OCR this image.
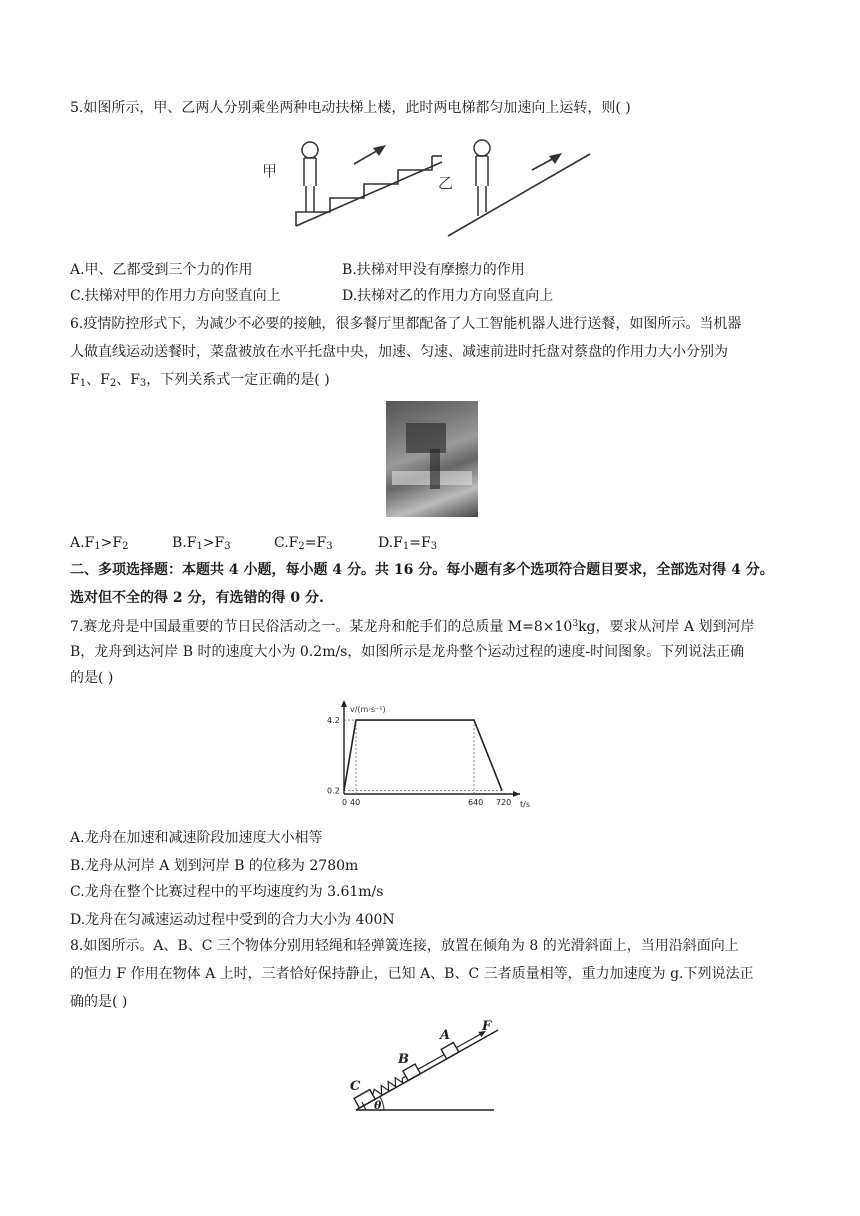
5.如图所示，甲、乙两人分别乘坐两种电动扶梯上楼，此时两电梯都匀加速向上运转，则( )
甲
乙
A.甲、乙都受到三个力的作用	B.扶梯对甲没有摩擦力的作用
C.扶梯对甲的作用力方向竖直向上	D.扶梯对乙的作用力方向竖直向上
6.疫情防控形式下，为减少不必要的接触，很多餐厅里都配备了人工智能机器人进行送餐，如图所示。当机器
人做直线运动送餐时，菜盘被放在水平托盘中央，加速、匀速、减速前进时托盘对蔡盘的作用力大小分别为
$F_1$、$F_2$、$F_3$，下列关系式一定正确的是( )
$A.F_1>F_2$	$B.F_1>F_3$	$C.F_2=F_3$	$D.F_1=F_3$
二、多项选择题：本题共 4 小题，每小题 4 分。共 16 分。每小题有多个选项符合题目要求，全部选对得 4 分。
选对但不全的得 2 分，有选错的得 0 分.
7.赛龙舟是中国最重要的节日民俗活动之一。某龙舟和舵手们的总质量 $M=8\times 10^3kg$，要求从河岸 A 划到河岸
B，龙舟到达河岸 B 时的速度大小为 0.2m/s，如图所示是龙舟整个运动过程的速度-时间图象。下列说法正确
的是( )
v/(m·s⁻¹)
t/s
0 40	640 720
4.2
0.2
A.龙舟在加速和减速阶段加速度大小相等
B.龙舟从河岸 A 划到河岸 B 的位移为 2780m
C.龙舟在整个比赛过程中的平均速度约为 3.61m/s
D.龙舟在匀减速运动过程中受到的合力大小为 400N
8.如图所示。A、B、C 三个物体分别用轻绳和轻弹簧连接，放置在倾角为 8 的光滑斜面上，当用沿斜面向上
的恒力 F 作用在物体 A 上时，三者恰好保持静止，已知 A、B、C 三者质量相等，重力加速度为 g.下列说法正
确的是( )
θ
C
B
A
F
